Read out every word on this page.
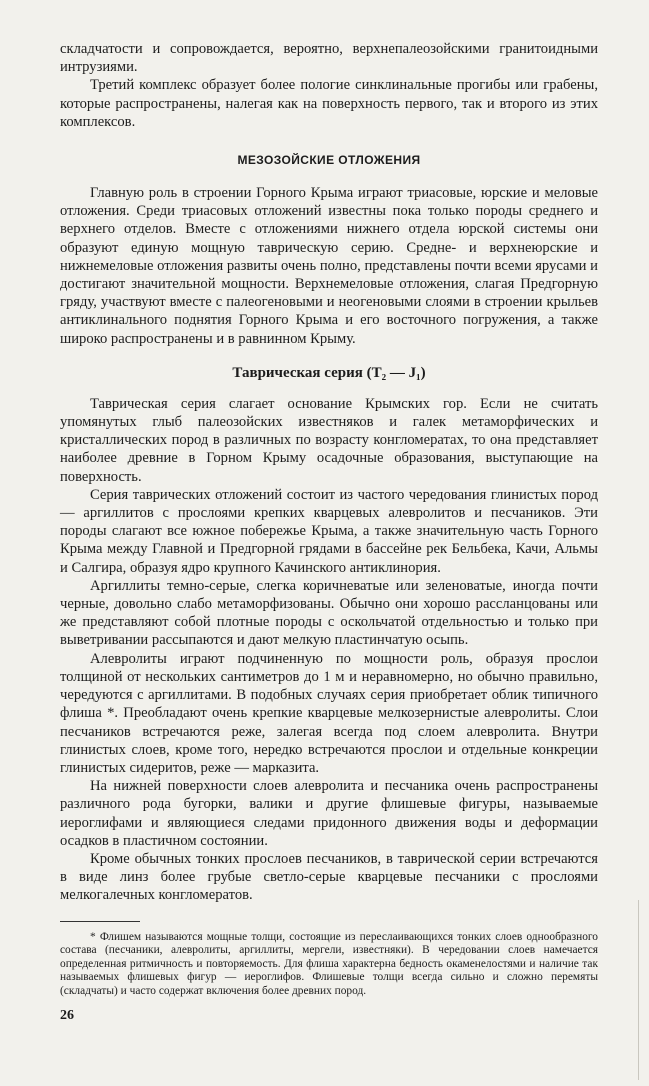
складчатости и сопровождается, вероятно, верхнепалеозойскими гранитоидными интрузиями.

Третий комплекс образует более пологие синклинальные прогибы или грабены, которые распространены, налегая как на поверхность первого, так и второго из этих комплексов.

МЕЗОЗОЙСКИЕ ОТЛОЖЕНИЯ

Главную роль в строении Горного Крыма играют триасовые, юрские и меловые отложения. Среди триасовых отложений известны пока только породы среднего и верхнего отделов. Вместе с отложениями нижнего отдела юрской системы они образуют единую мощную таврическую серию. Средне- и верхнеюрские и нижнемеловые отложения развиты очень полно, представлены почти всеми ярусами и достигают значительной мощности. Верхнемеловые отложения, слагая Предгорную гряду, участвуют вместе с палеогеновыми и неогеновыми слоями в строении крыльев антиклинального поднятия Горного Крыма и его восточного погружения, а также широко распространены и в равнинном Крыму.

Таврическая серия (T₂ — J₁)

Таврическая серия слагает основание Крымских гор. Если не считать упомянутых глыб палеозойских известняков и галек метаморфических и кристаллических пород в различных по возрасту конгломератах, то она представляет наиболее древние в Горном Крыму осадочные образования, выступающие на поверхность.

Серия таврических отложений состоит из частого чередования глинистых пород — аргиллитов с прослоями крепких кварцевых алевролитов и песчаников. Эти породы слагают все южное побережье Крыма, а также значительную часть Горного Крыма между Главной и Предгорной грядами в бассейне рек Бельбека, Качи, Альмы и Салгира, образуя ядро крупного Качинского антиклинория.

Аргиллиты темно-серые, слегка коричневатые или зеленоватые, иногда почти черные, довольно слабо метаморфизованы. Обычно они хорошо рассланцованы или же представляют собой плотные породы с оскольчатой отдельностью и только при выветривании рассыпаются и дают мелкую пластинчатую осыпь.

Алевролиты играют подчиненную по мощности роль, образуя прослои толщиной от нескольких сантиметров до 1 м и неравномерно, но обычно правильно, чередуются с аргиллитами. В подобных случаях серия приобретает облик типичного флиша *. Преобладают очень крепкие кварцевые мелкозернистые алевролиты. Слои песчаников встречаются реже, залегая всегда под слоем алевролита. Внутри глинистых слоев, кроме того, нередко встречаются прослои и отдельные конкреции глинистых сидеритов, реже — марказита.

На нижней поверхности слоев алевролита и песчаника очень распространены различного рода бугорки, валики и другие флишевые фигуры, называемые иероглифами и являющиеся следами придонного движения воды и деформации осадков в пластичном состоянии.

Кроме обычных тонких прослоев песчаников, в таврической серии встречаются в виде линз более грубые светло-серые кварцевые песчаники с прослоями мелкогалечных конгломератов.

* Флишем называются мощные толщи, состоящие из переслаивающихся тонких слоев однообразного состава (песчаники, алевролиты, аргиллиты, мергели, известняки). В чередовании слоев намечается определенная ритмичность и повторяемость. Для флиша характерна бедность окаменелостями и наличие так называемых флишевых фигур — иероглифов. Флишевые толщи всегда сильно и сложно перемяты (складчаты) и часто содержат включения более древних пород.

26
